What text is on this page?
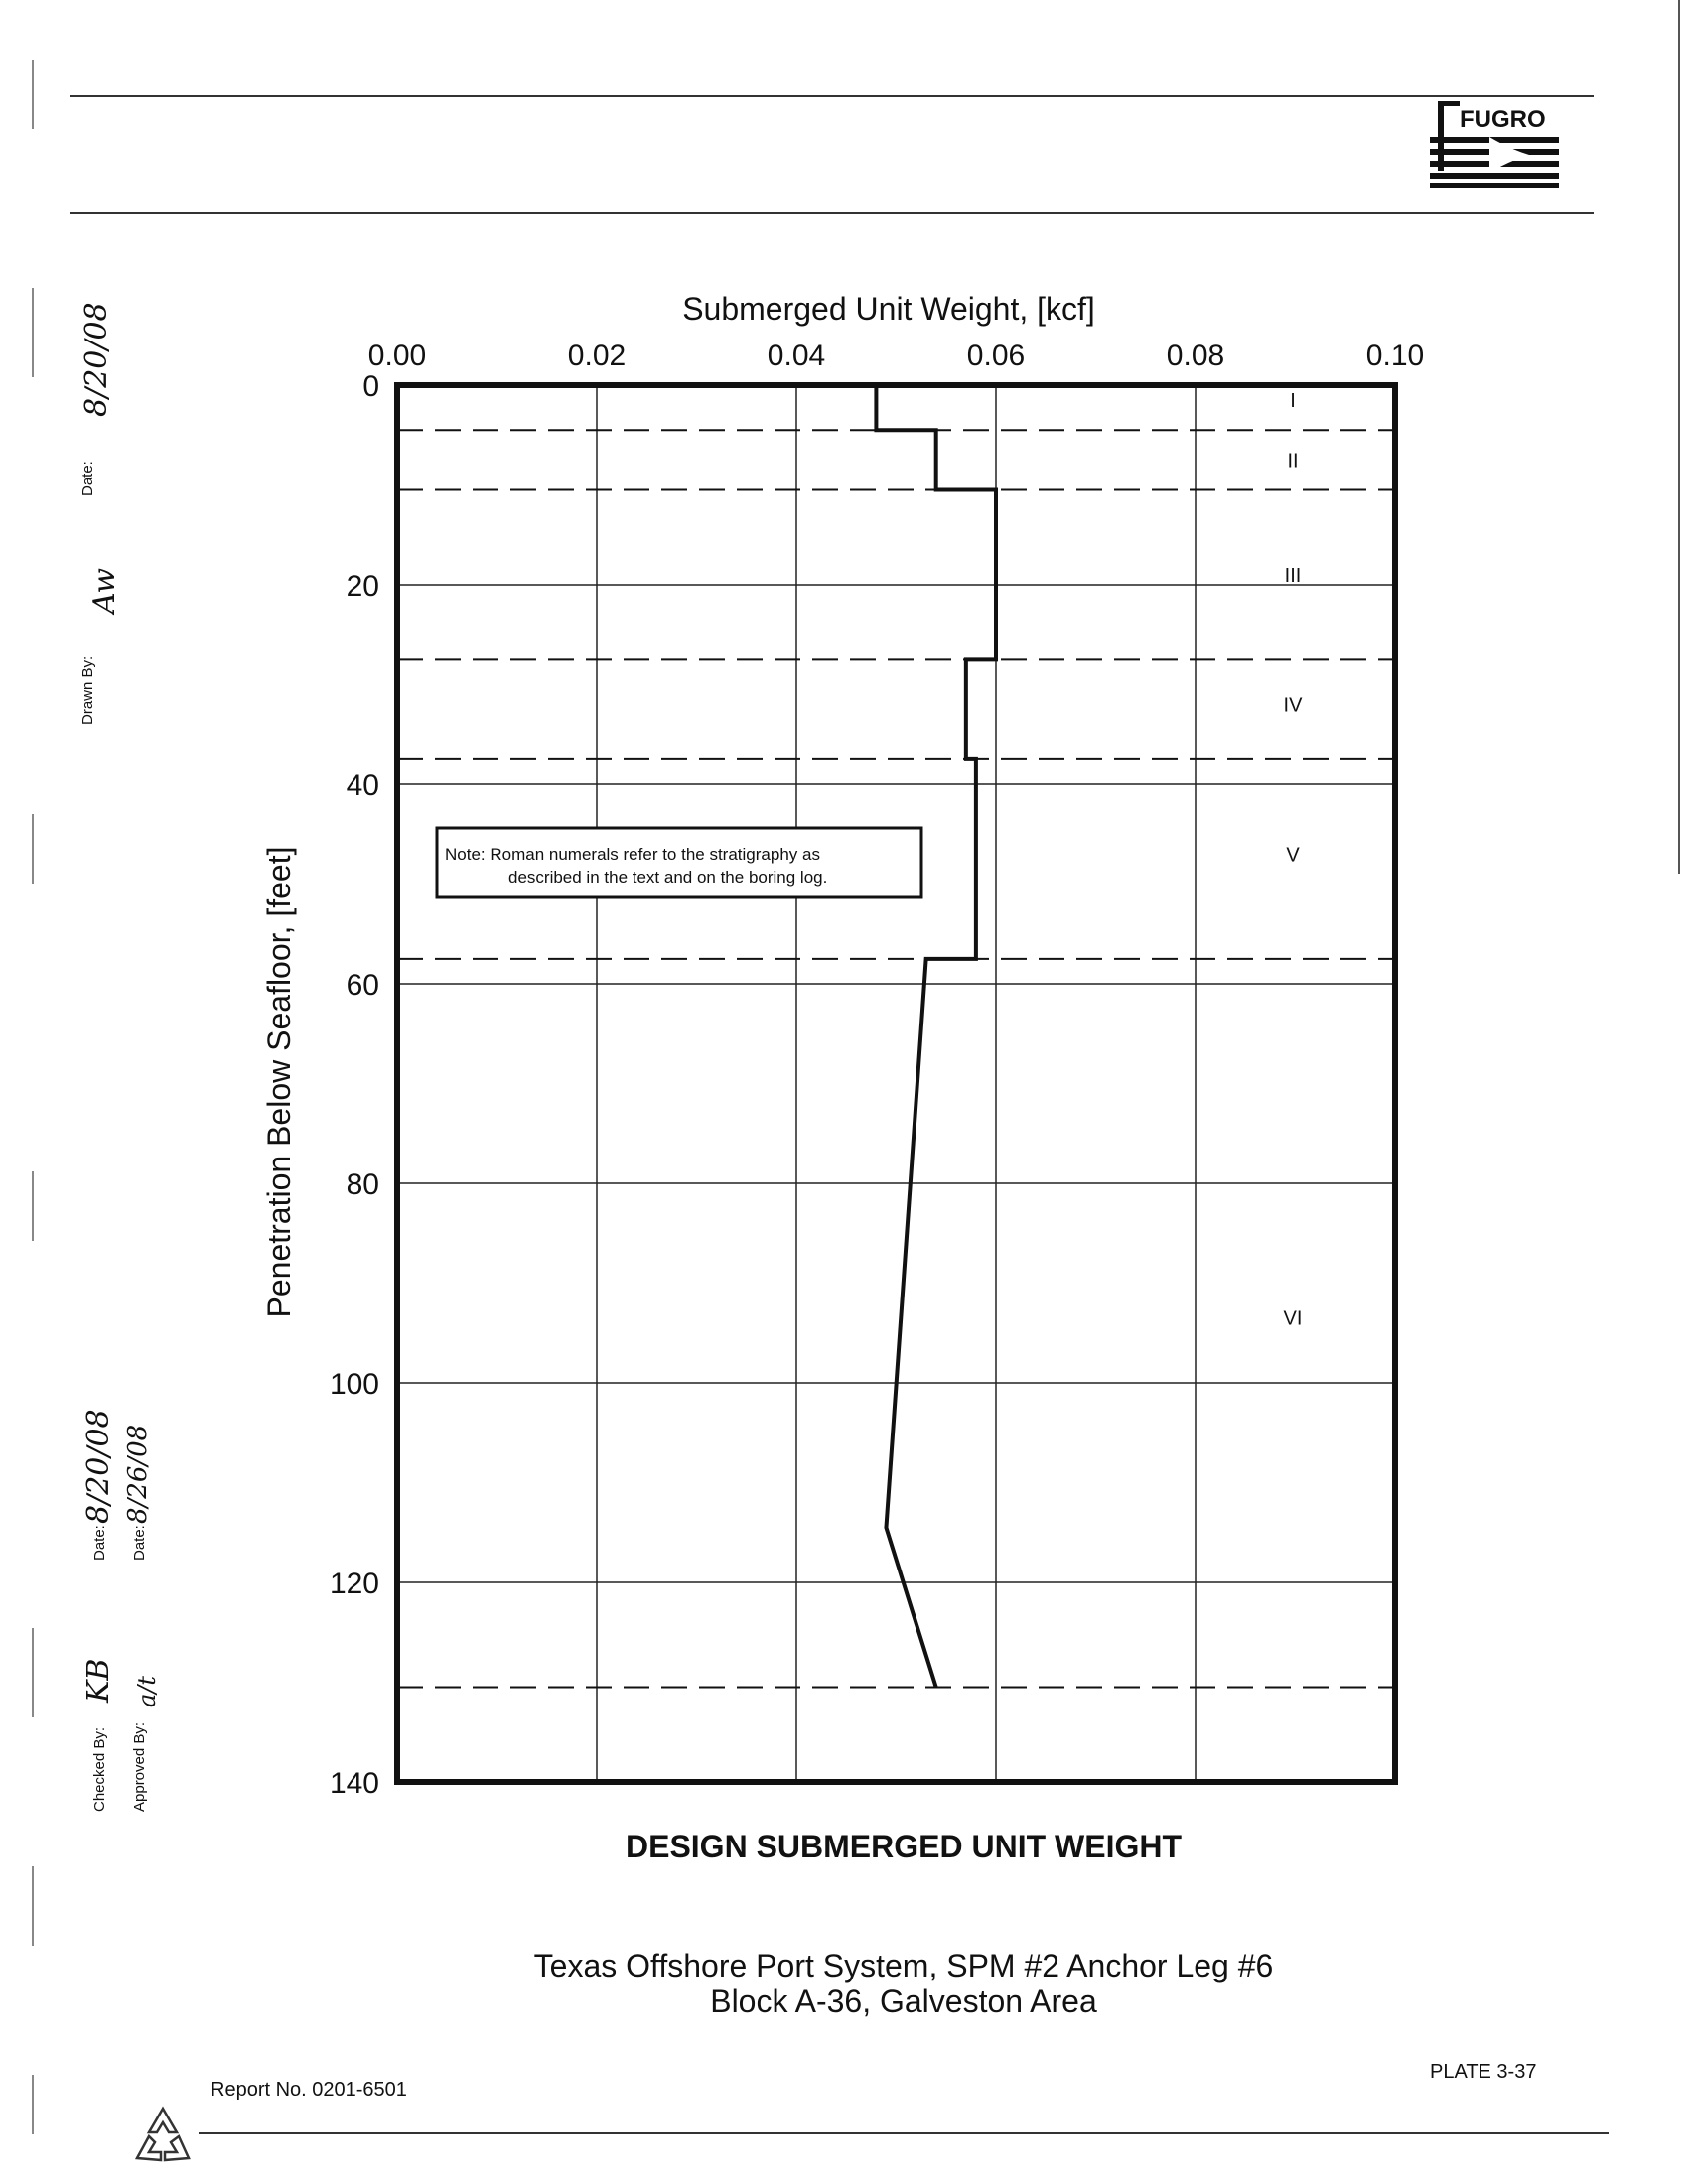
FUGRO
Drawn By:
Aw
Date:
8/20/08
Checked By:
KB
Date:
8/20/08
Approved By:
a/t
Date:
8/26/08
0.00	0.02	0.04	0.06	0.08	0.10
0
20
40
60
80
100
120
140
I
II
III
IV
V
VI
Submerged Unit Weight, [kcf]
Penetration Below Seafloor, [feet]	Note: Roman numerals refer to the stratigraphy as
described in the text and on the boring log.
DESIGN SUBMERGED UNIT WEIGHT
Texas Offshore Port System, SPM #2 Anchor Leg #6
Block A-36, Galveston Area
Report No. 0201-6501
PLATE 3-37
